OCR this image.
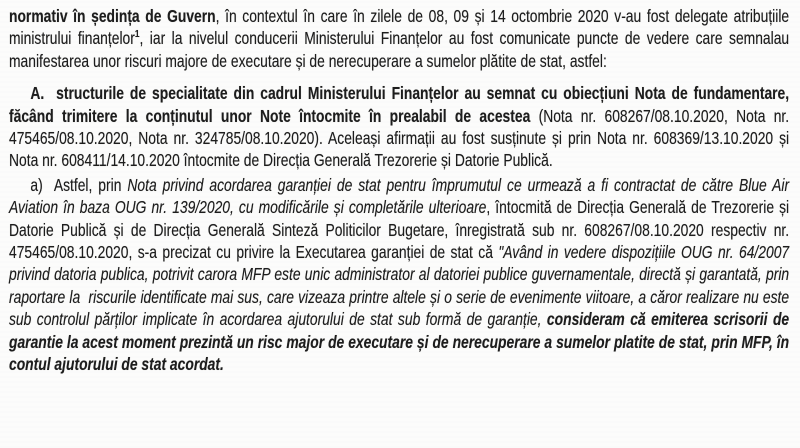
normativ în ședința de Guvern, în contextul în care în zilele de 08, 09 și 14 octombrie 2020 v-au fost delegate atribuțiile ministrului finanțelor$^1$, iar la nivelul conducerii Ministerului Finanțelor au fost comunicate puncte de vedere care semnalau manifestarea unor riscuri majore de executare și de nerecuperare a sumelor plătite de stat, astfel:

A.  structurile de specialitate din cadrul Ministerului Finanțelor au semnat cu obiecțiuni Nota de fundamentare, făcând trimitere la conținutul unor Note întocmite în prealabil de acestea (Nota nr. 608267/08.10.2020, Nota nr. 475465/08.10.2020, Nota nr. 324785/08.10.2020). Aceleași afirmații au fost susținute și prin Nota nr. 608369/13.10.2020 și Nota nr. 608411/14.10.2020 întocmite de Direcția Generală Trezorerie și Datorie Publică.

a)  Astfel, prin Nota privind acordarea garanției de stat pentru împrumutul ce urmează a fi contractat de către Blue Air Aviation în baza OUG nr. 139/2020, cu modificările și completările ulterioare, întocmită de Direcția Generală de Trezorerie și Datorie Publică și de Direcția Generală Sinteză Politicilor Bugetare, înregistrată sub nr. 608267/08.10.2020 respectiv nr. 475465/08.10.2020, s-a precizat cu privire la Executarea garanției de stat că "Având in vedere dispozițiile OUG nr. 64/2007 privind datoria publica, potrivit carora MFP este unic administrator al datoriei publice guvernamentale, directă și garantată, prin raportare la  riscurile identificate mai sus, care vizeaza printre altele și o serie de evenimente viitoare, a căror realizare nu este sub controlul părților implicate în acordarea ajutorului de stat sub formă de garanție, consideram că emiterea scrisorii de garantie la acest moment prezintă un risc major de executare și de nerecuperare a sumelor platite de stat, prin MFP, în contul ajutorului de stat acordat.
